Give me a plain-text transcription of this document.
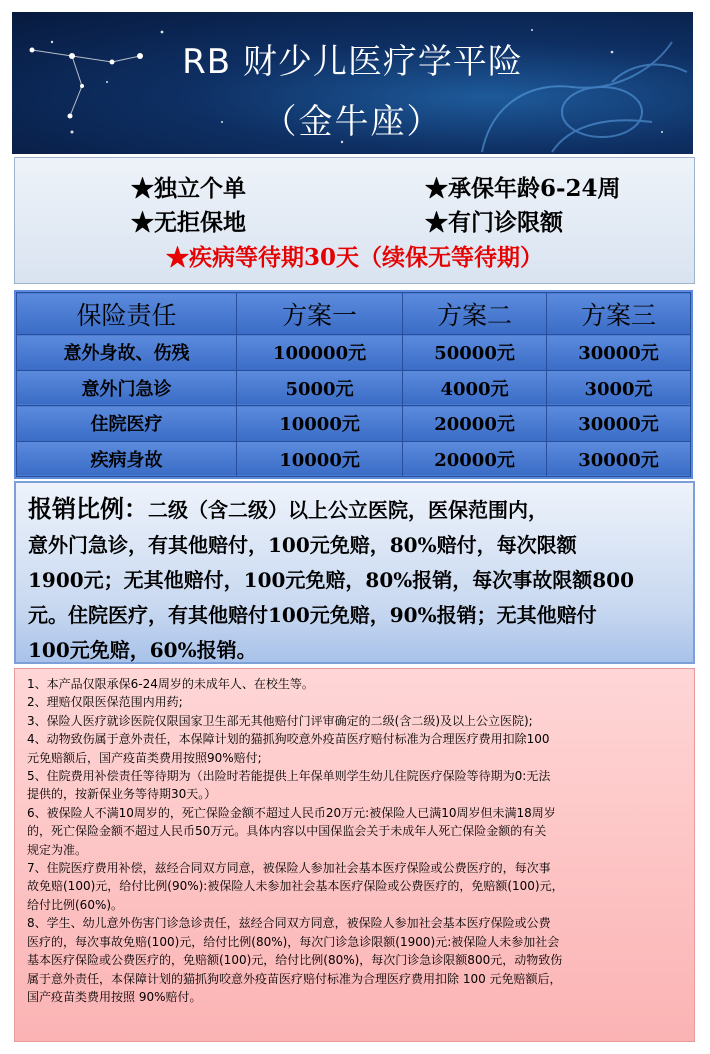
RB 财少儿医疗学平险
（金牛座）
★独立个单	★承保年龄6-24周
★无拒保地	★有门诊限额
★疾病等待期30天（续保无等待期）
保险责任	方案一	方案二	方案三
意外身故、伤残	100000元	50000元	30000元
意外门急诊	5000元	4000元	3000元
住院医疗	10000元	20000元	30000元
疾病身故	10000元	20000元	30000元
报销比例：二级（含二级）以上公立医院，医保范围内，
意外门急诊，有其他赔付，100元免赔，80%赔付，每次限额
1900元；无其他赔付，100元免赔，80%报销，每次事故限额800
元。住院医疗，有其他赔付100元免赔，90%报销；无其他赔付
100元免赔，60%报销。

1、本产品仅限承保6-24周岁的未成年人、在校生等。

2、理赔仅限医保范围内用药;

3、保险人医疗就诊医院仅限国家卫生部无其他赔付门评审确定的二级(含二级)及以上公立医院);

4、动物致伤属于意外责任，本保障计划的猫抓狗咬意外疫苗医疗赔付标准为合理医疗费用扣除100

元免赔额后，国产疫苗类费用按照90%赔付;

5、住院费用补偿责任等待期为（出险时若能提供上年保单则学生幼儿住院医疗保险等待期为0:无法

提供的，按新保业务等待期30天。）

6、被保险人不满10周岁的，死亡保险金额不超过人民币20万元:被保险人已满10周岁但未满18周岁

的，死亡保险金额不超过人民币50万元。具体内容以中国保监会关于未成年人死亡保险金额的有关

规定为准。

7、住院医疗费用补偿，兹经合同双方同意，被保险人参加社会基本医疗保险或公费医疗的，每次事

故免赔(100)元，给付比例(90%):被保险人未参加社会基本医疗保险或公费医疗的，免赔额(100)元，

给付比例(60%)。

8、学生、幼儿意外伤害门诊急诊责任，兹经合同双方同意，被保险人参加社会基本医疗保险或公费

医疗的，每次事故免赔(100)元，给付比例(80%)，每次门诊急诊限额(1900)元:被保险人未参加社会

基本医疗保险或公费医疗的，免赔额(100)元，给付比例(80%)，每次门诊急诊限额800元，动物致伤

属于意外责任，本保障计划的猫抓狗咬意外疫苗医疗赔付标准为合理医疗费用扣除 100 元免赔额后，

国产疫苗类费用按照 90%赔付。
